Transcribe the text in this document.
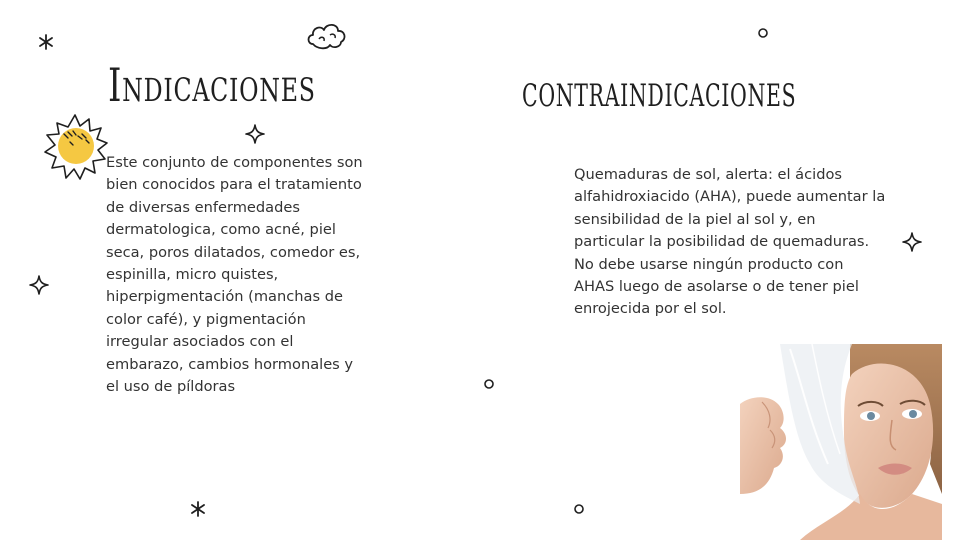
Indicaciones

Este conjunto de componentes son bien conocidos para el tratamiento de diversas enfermedades dermatologica, como acné, piel seca, poros dilatados, comedor es, espinilla, micro quistes, hiperpigmentación (manchas de color café), y pigmentación irregular asociados con el embarazo, cambios hormonales y el uso de píldoras

contraindicaciones

Quemaduras de sol, alerta: el ácidos alfahidroxiacido (AHA), puede aumentar la sensibilidad de la piel al sol y, en particular la posibilidad de quemaduras. No debe usarse ningún producto con AHAS luego de asolarse o de tener piel enrojecida por el sol.
